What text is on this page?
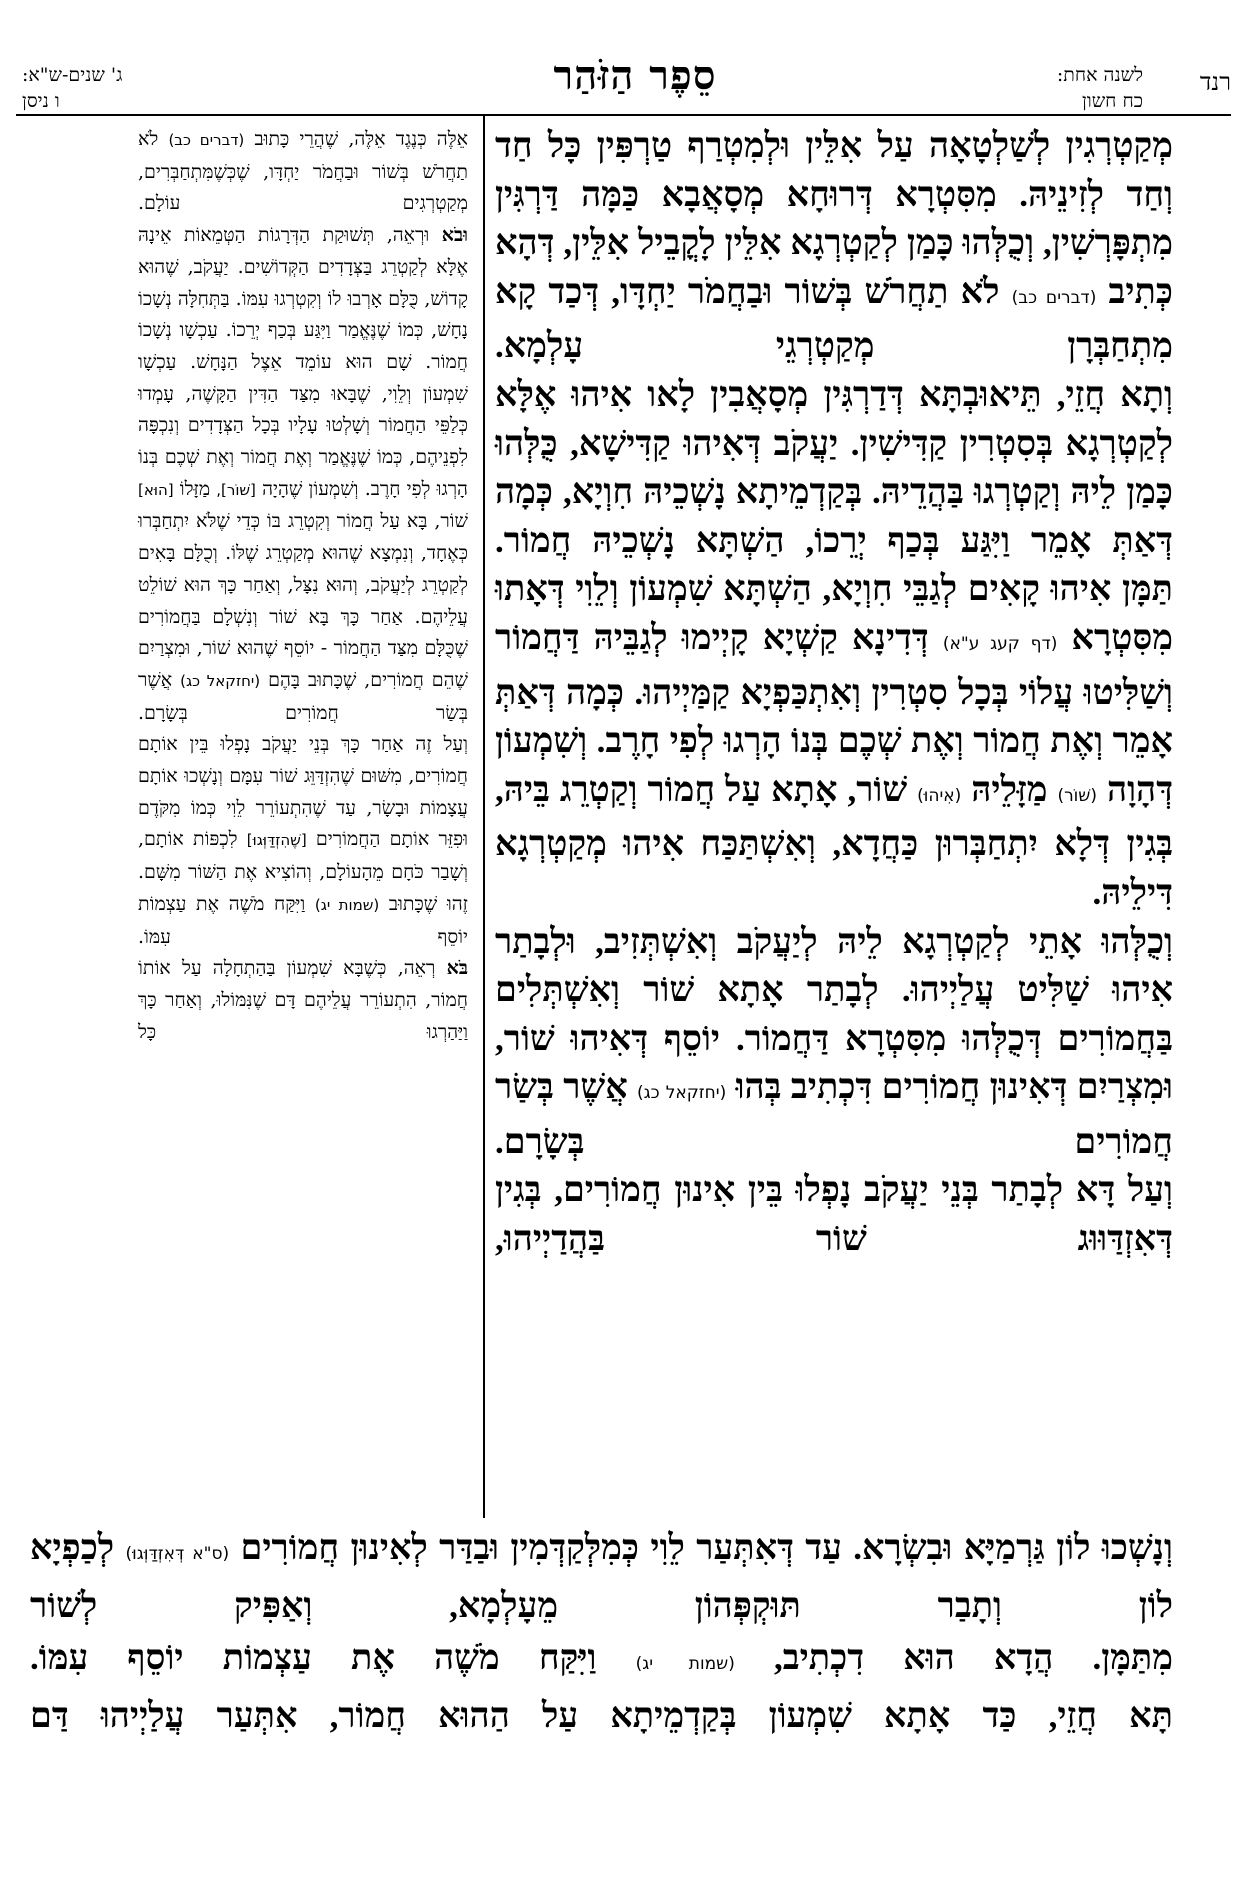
רנד
לשנה אחת:
כח חשון
סֵפֶר הַזֹּהַר
ג' שנים-ש"א:
ו ניסן

מְקַטְרְגִין לְשַׁלְטָאָה עַל אִלֵּין וּלְמִטְרַף טַרְפִּין כָּל חַד וְחַד לְזִינֵיהּ. מִסִּטְרָא דְּרוּחָא מְסָאֲבָא כַּמָּה דַּרְגִּין מִתְפָּרְשִׁין, וְכֻלְּהוּ כָּמַן לְקַטְרְגָא אִלֵּין לָקֳבֵיל אִלֵּין, דְּהָא כְּתִיב (דברים כב) לֹא תַחֲרֹשׁ בְּשׁוֹר וּבַחֲמֹר יַחְדָּו, דְּכַד קָא מִתְחַבְּרָן מְקַטְרְגֵי עָלְמָא.

וְתָא חֲזֵי, תֵּיאוּבְתָּא דְּדַרְגִּין מְסָאֲבִין לָאו אִיהוּ אֶלָּא לְקַטְרְגָא בְּסִטְרִין קַדִּישִׁין. יַעֲקֹב דְּאִיהוּ קַדִּישָׁא, כֻּלְּהוּ כָּמַן לֵיהּ וְקַטְרְגוּ בַּהֲדֵיהּ. בְּקַדְמֵיתָא נָשְׁכֵיהּ חִוְיָא, כְּמָה דְּאַתְּ אָמֵר וַיִּגַּע בְּכַף יְרֵכוֹ, הַשְׁתָּא נָשְׁכֵיהּ חֲמוֹר.

תַּמָּן אִיהוּ קָאִים לְגַבֵּי חִוְיָא, הַשְׁתָּא שִׁמְעוֹן וְלֵוִי דְּאָתוּ מִסִּטְרָא (דף קעג ע"א) דְּדִינָא קַשְׁיָא קָיְימוּ לְגַבֵּיהּ דַּחֲמוֹר וְשַׁלִּיטוּ עֲלוֹי בְּכָל סִטְרִין וְאִתְכַּפְיָא קַמַּיְיהוּ. כְּמָה דְּאַתְּ אָמֵר וְאֶת חֲמוֹר וְאֶת שְׁכֶם בְּנוֹ הָרְגוּ לְפִי חָרֶב. וְשִׁמְעוֹן דְּהָוָה (שׁוֹר) מַזָּלֵיהּ (אִיהוּ) שׁוֹר, אָתָא עַל חֲמוֹר וְקַטְרֵג בֵּיהּ, בְּגִין דְּלָא יִתְחַבְּרוּן כַּחֲדָא, וְאִשְׁתַּכַּח אִיהוּ מְקַטְרְגָא דִּילֵיהּ.

וְכֻלְּהוּ אָתֵי לְקַטְרְגָא לֵיהּ לְיַעֲקֹב וְאִשְׁתְּזִיב, וּלְבָתַר אִיהוּ שַׁלִּיט עֲלַיְיהוּ. לְבָתַר אָתָא שׁוֹר וְאִשְׁתְּלִים בַּחֲמוֹרִים דְּכֻלְּהוּ מִסִּטְרָא דַּחֲמוֹר. יוֹסֵף דְּאִיהוּ שׁוֹר, וּמִצְרַיִם דְּאִינוּן חֲמוֹרִים דִּכְתִיב בְּהוּ (יחזקאל כג) אֲשֶׁר בְּשַׂר חֲמוֹרִים בְּשָׂרָם.

וְעַל דָּא לְבָתַר בְּנֵי יַעֲקֹב נָפְלוּ בֵּין אִינוּן חֲמוֹרִים, בְּגִין דְּאִזְדַּוּוּג שׁוֹר בַּהֲדַיְיהוּ,

אֵלֶּה כְּנֶגֶד אֵלֶּה, שֶׁהֲרֵי כָּתוּב (דברים כב) לֹא תַחֲרֹשׁ בְּשׁוֹר וּבַחֲמֹר יַחְדָּו, שֶׁכְּשֶׁמִּתְחַבְּרִים, מְקַטְרְגִים עוֹלָם.

וּבֹא וּרְאֵה, תְּשׁוּקַת הַדְּרָגוֹת הַטְּמֵאוֹת אֵינָהּ אֶלָּא לְקַטְרֵג בַּצְּדָדִים הַקְּדוֹשִׁים. יַעֲקֹב, שֶׁהוּא קָדוֹשׁ, כֻּלָּם אָרְבוּ לוֹ וְקִטְרְגוּ עִמּוֹ. בַּתְּחִלָּה נְשָׁכוֹ נָחָשׁ, כְּמוֹ שֶׁנֶּאֱמַר וַיִּגַּע בְּכַף יְרֵכוֹ. עַכְשָׁו נְשָׁכוֹ חֲמוֹר. שָׁם הוּא עוֹמֵד אֵצֶל הַנָּחָשׁ. עַכְשָׁו שִׁמְעוֹן וְלֵוִי, שֶׁבָּאוּ מִצַּד הַדִּין הַקָּשֶׁה, עָמְדוּ כְּלַפֵּי הַחֲמוֹר וְשָׁלְטוּ עָלָיו בְּכָל הַצְּדָדִים וְנִכְפָּה לִפְנֵיהֶם, כְּמוֹ שֶׁנֶּאֱמַר וְאֶת חֲמוֹר וְאֶת שְׁכֶם בְּנוֹ הָרְגוּ לְפִי חָרֶב. וְשִׁמְעוֹן שֶׁהָיָה [שׁוֹר], מַזָּלוֹ [הוּא] שׁוֹר, בָּא עַל חֲמוֹר וְקִטְרֵג בּוֹ כְּדֵי שֶׁלֹּא יִתְחַבְּרוּ כְּאֶחָד, וְנִמְצָא שֶׁהוּא מְקַטְרֵג שֶׁלּוֹ. וְכֻלָּם בָּאִים לְקַטְרֵג לְיַעֲקֹב, וְהוּא נִצָּל, וְאַחַר כָּךְ הוּא שׁוֹלֵט עֲלֵיהֶם. אַחַר כָּךְ בָּא שׁוֹר וְנִשְׁלָם בַּחֲמוֹרִים שֶׁכֻּלָּם מִצַּד הַחֲמוֹר - יוֹסֵף שֶׁהוּא שׁוֹר, וּמִצְרַיִם שֶׁהֵם חֲמוֹרִים, שֶׁכָּתוּב בָּהֶם (יחזקאל כג) אֲשֶׁר בְּשַׂר חֲמוֹרִים בְּשָׂרָם.

וְעַל זֶה אַחַר כָּךְ בְּנֵי יַעֲקֹב נָפְלוּ בֵּין אוֹתָם חֲמוֹרִים, מִשּׁוּם שֶׁהִזְדַּוֵּג שׁוֹר עִמָּם וְנָשְׁכוּ אוֹתָם עֲצָמוֹת וּבָשָׂר, עַד שֶׁהִתְעוֹרֵר לֵוִי כְּמוֹ מִקֹּדֶם וּפִזֵּר אוֹתָם הַחֲמוֹרִים [שֶׁהִזְדַּוְּגוּ] לִכְפּוֹת אוֹתָם, וְשָׁבַר כֹּחָם מֵהָעוֹלָם, וְהוֹצִיא אֶת הַשּׁוֹר מִשָּׁם. זֶהוּ שֶׁכָּתוּב (שמות יג) וַיִּקַּח מֹשֶׁה אֶת עַצְמוֹת יוֹסֵף עִמּוֹ.

בֹּא רְאֵה, כְּשֶׁבָּא שִׁמְעוֹן בַּהַתְחָלָה עַל אוֹתוֹ חֲמוֹר, הִתְעוֹרֵר עֲלֵיהֶם דָּם שֶׁנִּמּוֹלוּ, וְאַחַר כָּךְ וַיַּהַרְגוּ כָּל

וְנָשְׁכוּ לוֹן גַּרְמַיָּא וּבִשְׂרָא. עַד דְּאִתְּעַר לֵוִי כְּמִלְּקַדְּמִין וּבַדַּר לְאִינוּן חֲמוֹרִים (ס"א דְּאִזְדַּוְּגוּ) לְכַפְיָא לוֹן וְתָבַר תּוּקְפְּהוֹן מֵעָלְמָא, וְאַפִּיק לְשׁוֹר

מִתַּמָּן. הֲדָא הוּא דִכְתִיב, (שמות יג) וַיִּקַּח מֹשֶׁה אֶת עַצְמוֹת יוֹסֵף עִמּוֹ.

תָּא חֲזֵי, כַּד אָתָא שִׁמְעוֹן בְּקַדְמֵיתָא עַל הַהוּא חֲמוֹר, אִתְּעַר עֲלַיְיהוּ דַּם
